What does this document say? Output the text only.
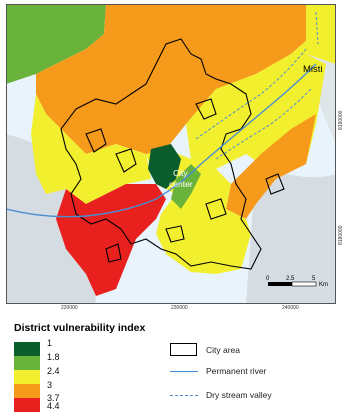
Misti
City
center
0	2.5	5
Km
220000	230000	240000
8190000
8180000
District vulnerability index
1
1.8
2.4
3
3.7
4.4
City area
Permanent river
Dry stream valley
